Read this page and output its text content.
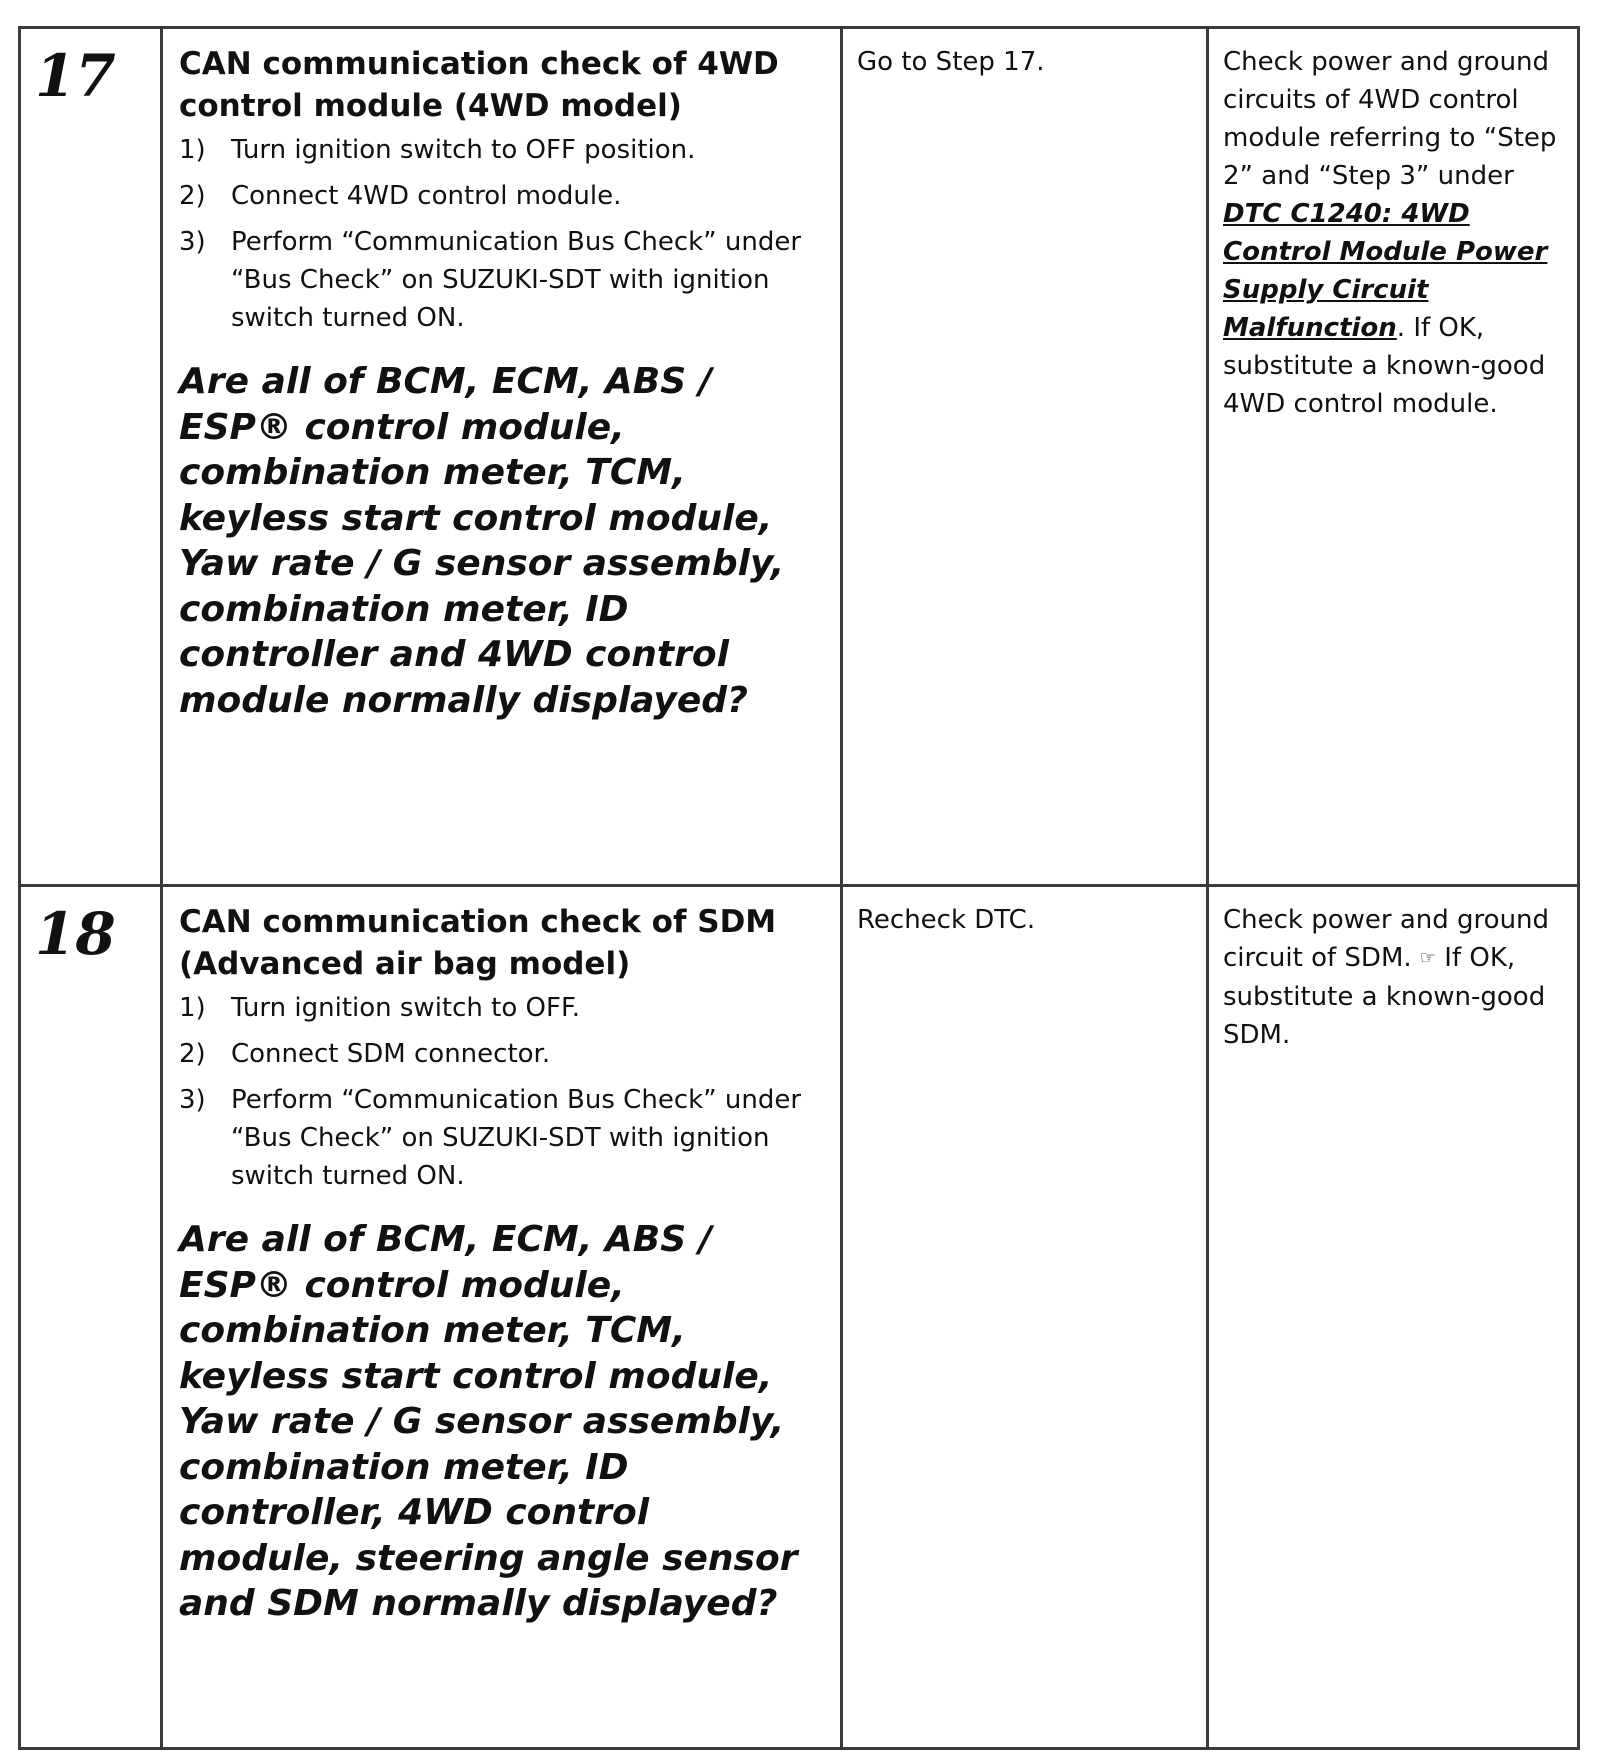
17 CAN communication check of 4WD control module (4WD model)
1) Turn ignition switch to OFF position.
2) Connect 4WD control module.
3) Perform “Communication Bus Check” under “Bus Check” on SUZUKI-SDT with ignition switch turned ON.
Are all of BCM, ECM, ABS / ESP® control module, combination meter, TCM, keyless start control module, Yaw rate / G sensor assembly, combination meter, ID controller and 4WD control module normally displayed?
Go to Step 17.	Check power and ground circuits of 4WD control module referring to “Step 2” and “Step 3” under DTC C1240: 4WD Control Module Power Supply Circuit Malfunction. If OK, substitute a known-good 4WD control module.
18 CAN communication check of SDM (Advanced air bag model)
1) Turn ignition switch to OFF.
2) Connect SDM connector.
3) Perform “Communication Bus Check” under “Bus Check” on SUZUKI-SDT with ignition switch turned ON.
Are all of BCM, ECM, ABS / ESP® control module, combination meter, TCM, keyless start control module, Yaw rate / G sensor assembly, combination meter, ID controller, 4WD control module, steering angle sensor and SDM normally displayed?
Recheck DTC.	Check power and ground circuit of SDM. ☞ If OK, substitute a known-good SDM.
